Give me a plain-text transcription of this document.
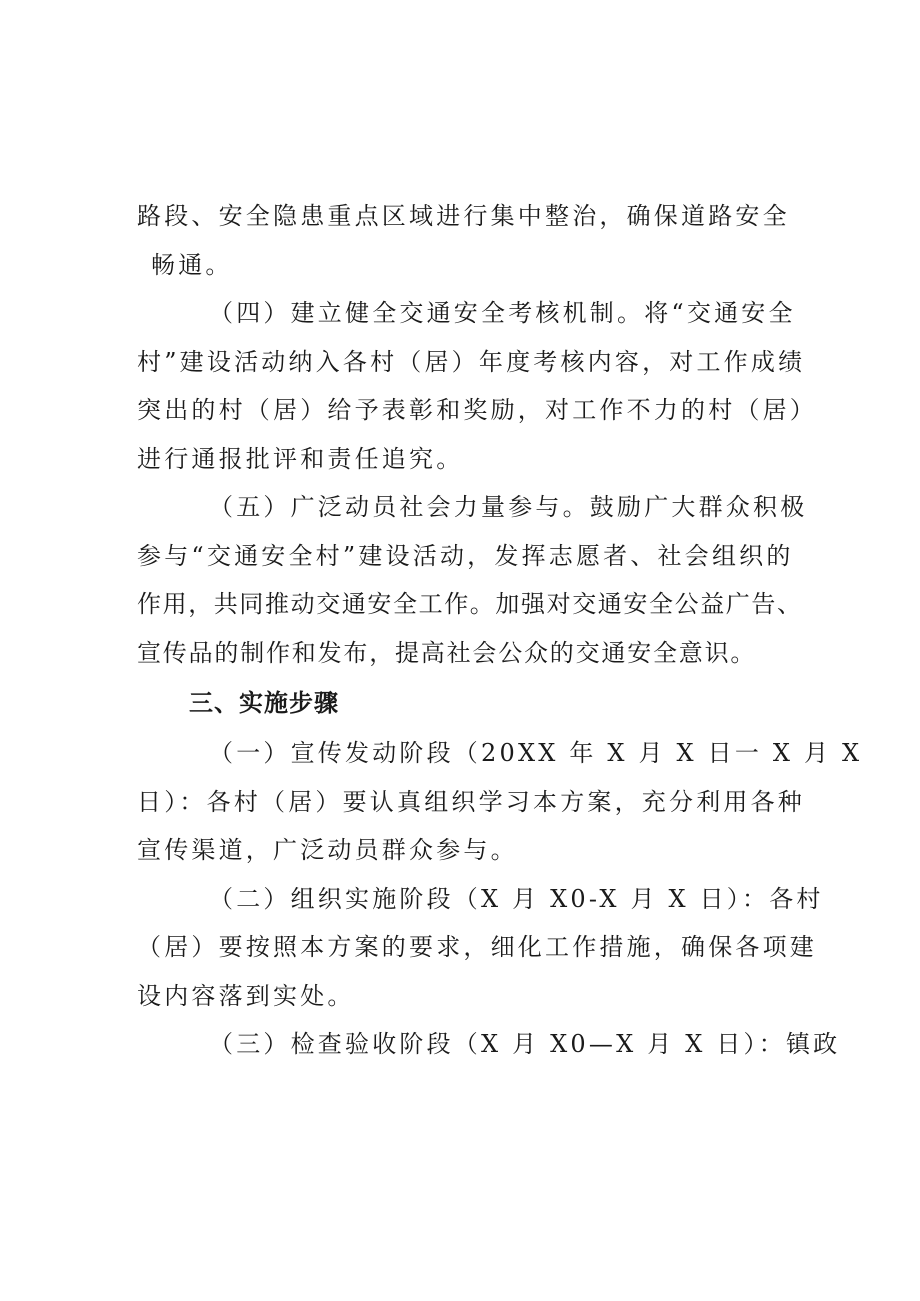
路段、安全隐患重点区域进行集中整治，确保道路安全
畅通。

（四）建立健全交通安全考核机制。将“交通安全
村”建设活动纳入各村（居）年度考核内容，对工作成绩
突出的村（居）给予表彰和奖励，对工作不力的村（居）
进行通报批评和责任追究。

（五）广泛动员社会力量参与。鼓励广大群众积极
参与“交通安全村”建设活动，发挥志愿者、社会组织的
作用，共同推动交通安全工作。加强对交通安全公益广告、
宣传品的制作和发布，提高社会公众的交通安全意识。

三、实施步骤

（一）宣传发动阶段（20XX 年 X 月 X 日一 X 月 X
日）：各村（居）要认真组织学习本方案，充分利用各种
宣传渠道，广泛动员群众参与。

（二）组织实施阶段（X 月 X0-X 月 X 日）：各村
（居）要按照本方案的要求，细化工作措施，确保各项建
设内容落到实处。

（三）检查验收阶段（X 月 X0—X 月 X 日）：镇政
